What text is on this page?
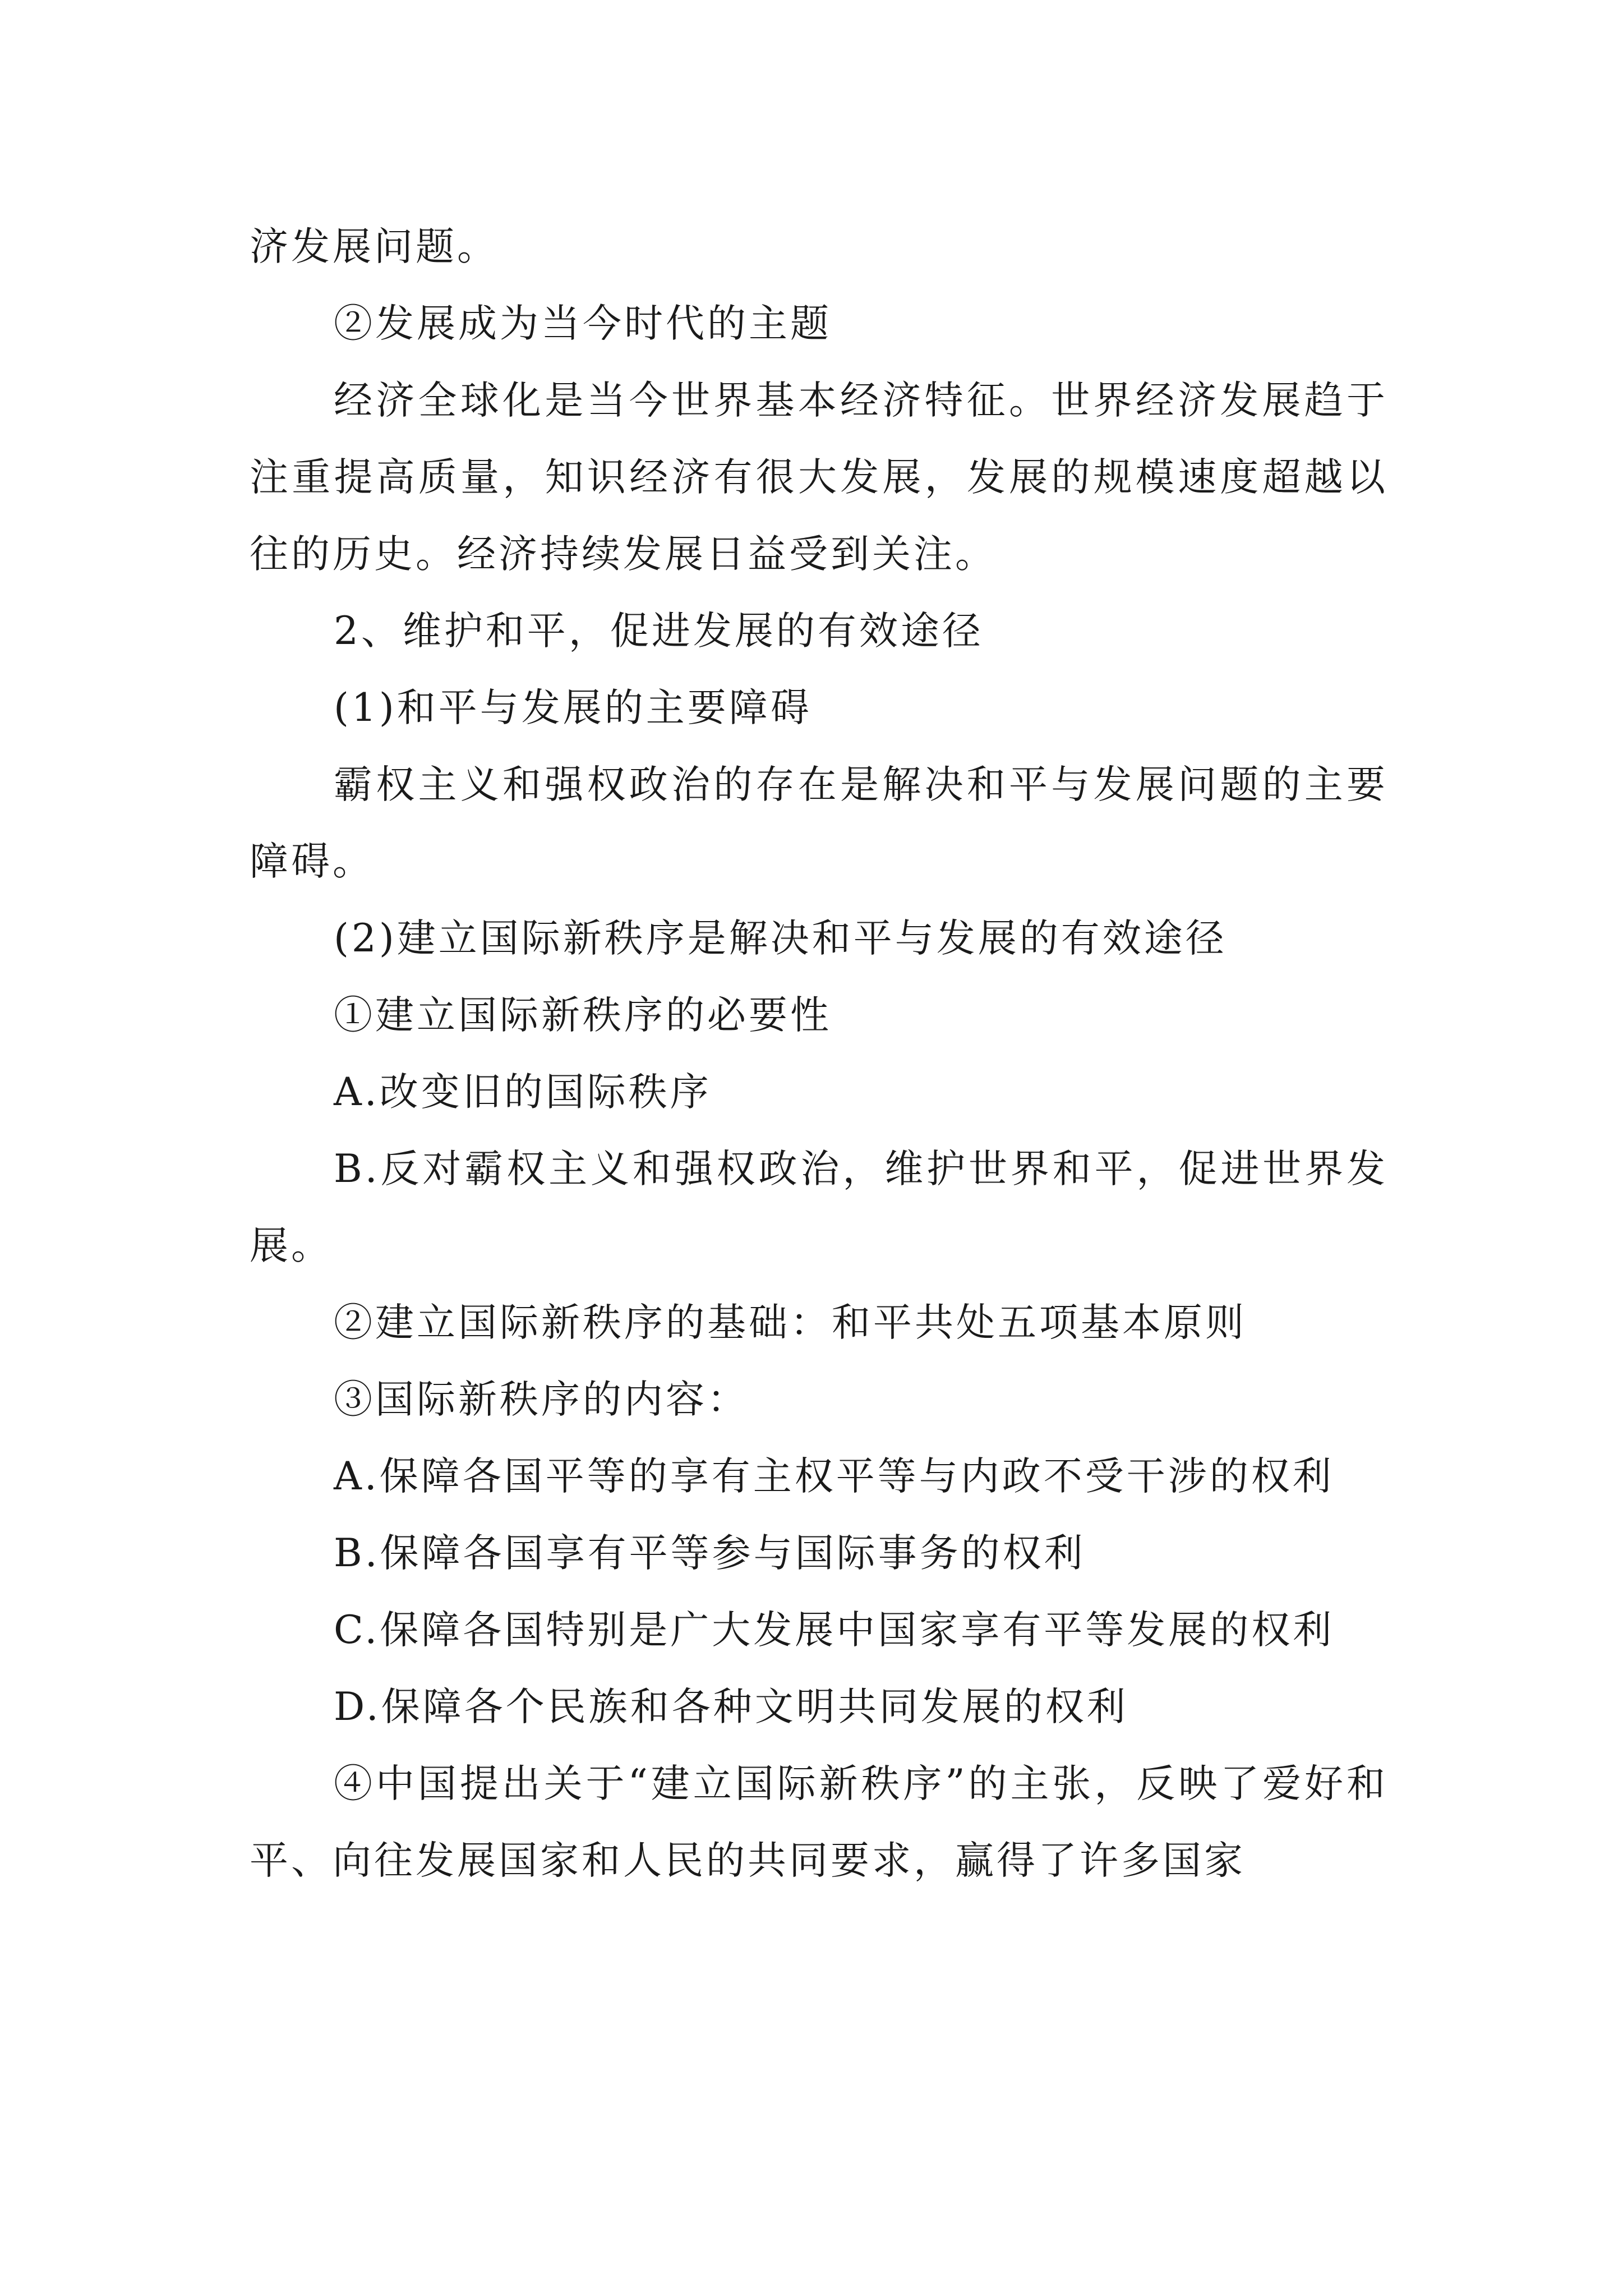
济发展问题。

②发展成为当今时代的主题

经济全球化是当今世界基本经济特征。世界经济发展趋于注重提高质量，知识经济有很大发展，发展的规模速度超越以往的历史。经济持续发展日益受到关注。

2、维护和平，促进发展的有效途径

(1)和平与发展的主要障碍

霸权主义和强权政治的存在是解决和平与发展问题的主要障碍。

(2)建立国际新秩序是解决和平与发展的有效途径

①建立国际新秩序的必要性

A.改变旧的国际秩序

B.反对霸权主义和强权政治，维护世界和平，促进世界发展。

②建立国际新秩序的基础：和平共处五项基本原则

③国际新秩序的内容：

A.保障各国平等的享有主权平等与内政不受干涉的权利

B.保障各国享有平等参与国际事务的权利

C.保障各国特别是广大发展中国家享有平等发展的权利

D.保障各个民族和各种文明共同发展的权利

④中国提出关于“建立国际新秩序”的主张，反映了爱好和平、向往发展国家和人民的共同要求，赢得了许多国家
